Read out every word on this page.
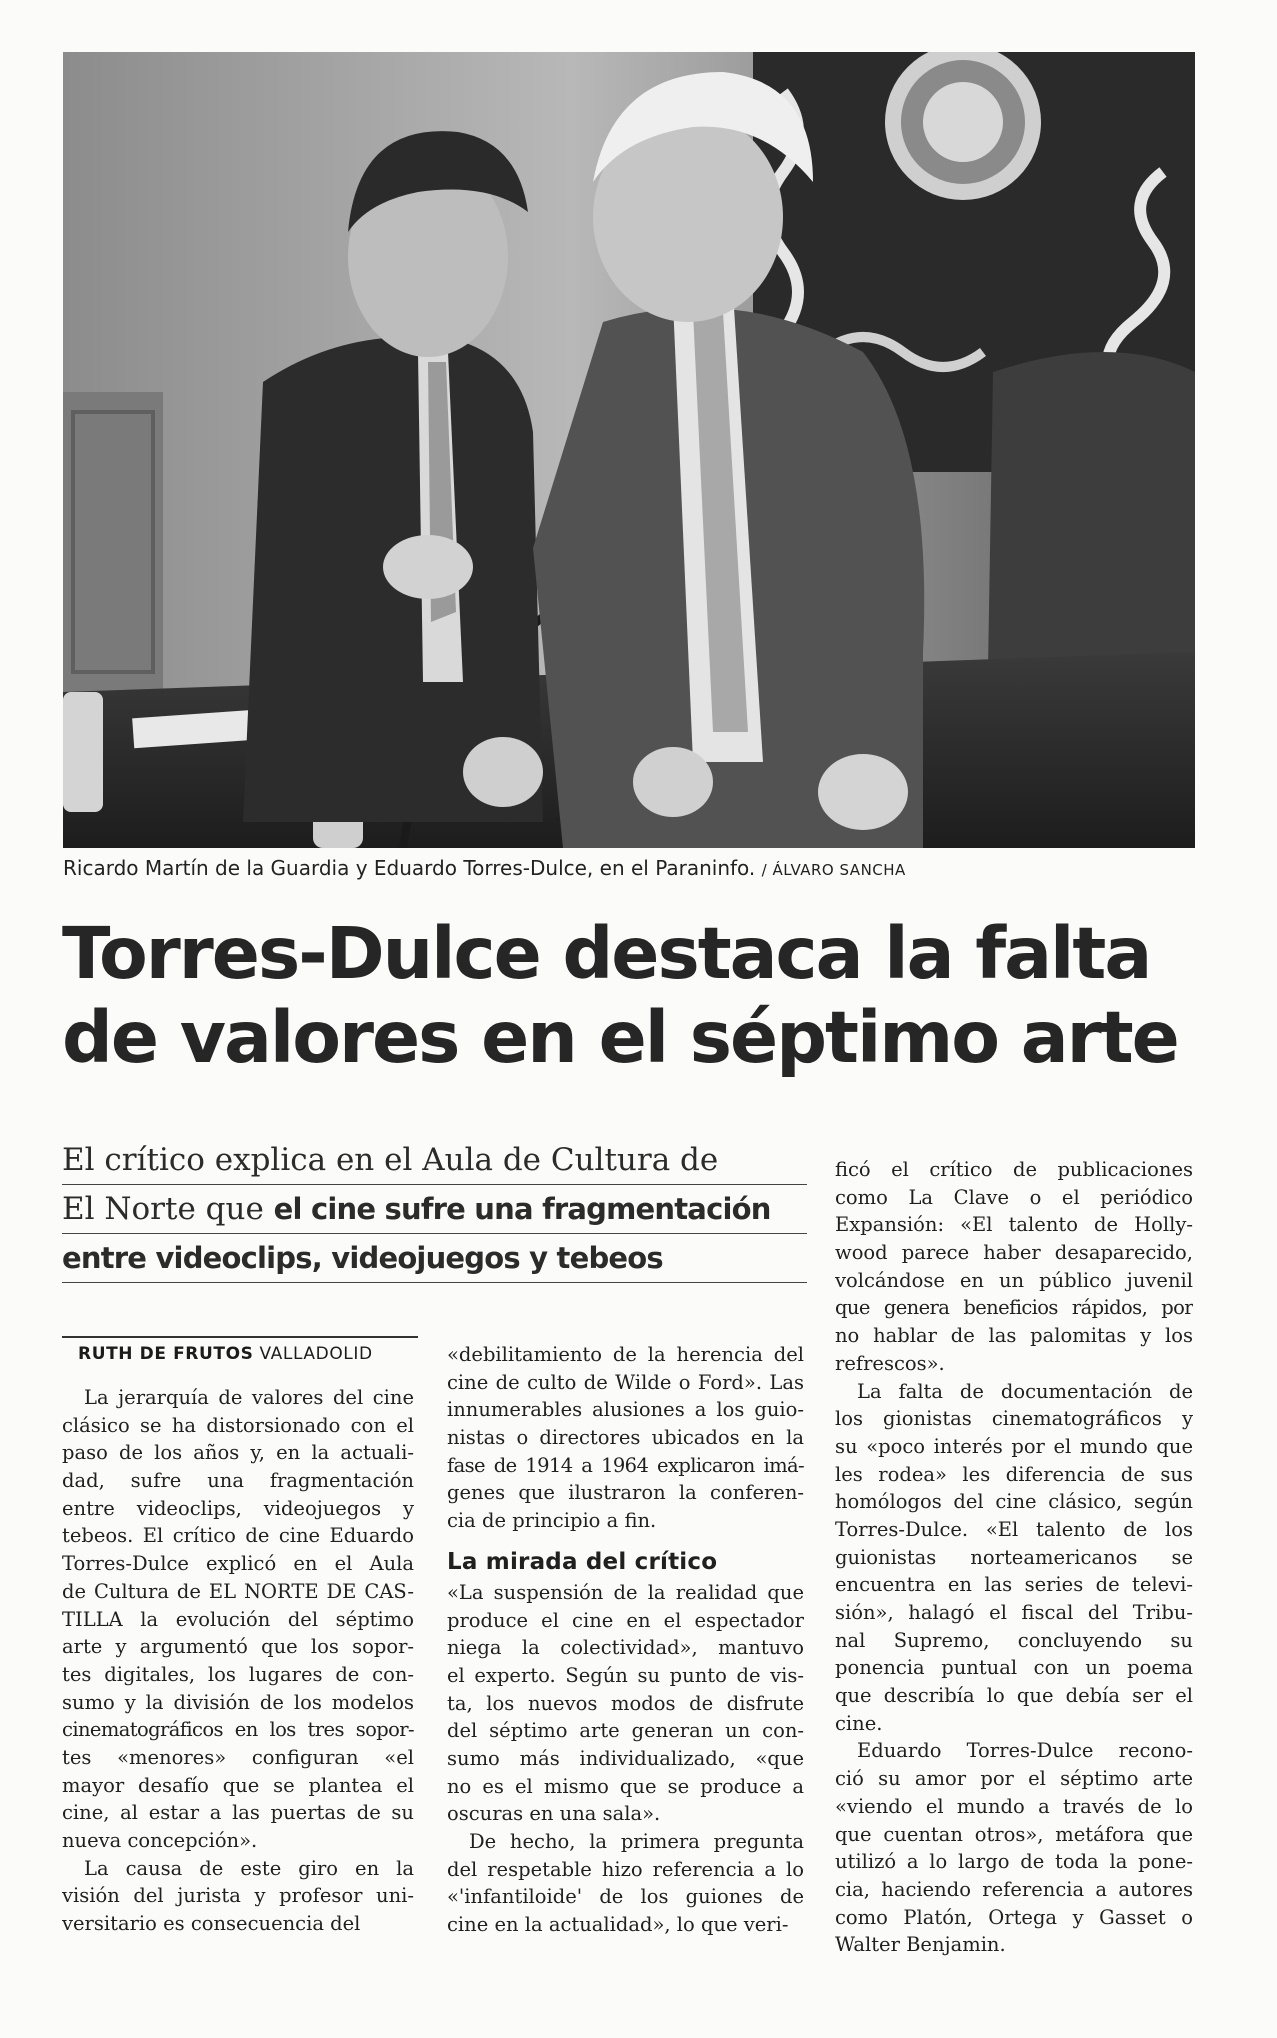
Ricardo Martín de la Guardia y Eduardo Torres-Dulce, en el Paraninfo. / ÁLVARO SANCHA
Torres-Dulce destaca la falta
de valores en el séptimo arte
El crítico explica en el Aula de Cultura de
El Norte que el cine sufre una fragmentación
entre videoclips, videojuegos y tebeos
RUTH DE FRUTOS VALLADOLID
La jerarquía de valores del cine
clásico se ha distorsionado con el
paso de los años y, en la actuali-
dad, sufre una fragmentación
entre videoclips, videojuegos y
tebeos. El crítico de cine Eduardo
Torres-Dulce explicó en el Aula
de Cultura de EL NORTE DE CAS-
TILLA la evolución del séptimo
arte y argumentó que los sopor-
tes digitales, los lugares de con-
sumo y la división de los modelos
cinematográficos en los tres sopor-
tes «menores» configuran «el
mayor desafío que se plantea el
cine, al estar a las puertas de su
nueva concepción».
La causa de este giro en la
visión del jurista y profesor uni-
versitario es consecuencia del
«debilitamiento de la herencia del
cine de culto de Wilde o Ford». Las
innumerables alusiones a los guio-
nistas o directores ubicados en la
fase de 1914 a 1964 explicaron imá-
genes que ilustraron la conferen-
cia de principio a fin.
La mirada del crítico
«La suspensión de la realidad que
produce el cine en el espectador
niega la colectividad», mantuvo
el experto. Según su punto de vis-
ta, los nuevos modos de disfrute
del séptimo arte generan un con-
sumo más individualizado, «que
no es el mismo que se produce a
oscuras en una sala».
De hecho, la primera pregunta
del respetable hizo referencia a lo
«'infantiloide' de los guiones de
cine en la actualidad», lo que veri-
ficó el crítico de publicaciones
como La Clave o el periódico
Expansión: «El talento de Holly-
wood parece haber desaparecido,
volcándose en un público juvenil
que genera beneficios rápidos, por
no hablar de las palomitas y los
refrescos».
La falta de documentación de
los gionistas cinematográficos y
su «poco interés por el mundo que
les rodea» les diferencia de sus
homólogos del cine clásico, según
Torres-Dulce. «El talento de los
guionistas norteamericanos se
encuentra en las series de televi-
sión», halagó el fiscal del Tribu-
nal Supremo, concluyendo su
ponencia puntual con un poema
que describía lo que debía ser el
cine.
Eduardo Torres-Dulce recono-
ció su amor por el séptimo arte
«viendo el mundo a través de lo
que cuentan otros», metáfora que
utilizó a lo largo de toda la pone-
cia, haciendo referencia a autores
como Platón, Ortega y Gasset o
Walter Benjamin.
